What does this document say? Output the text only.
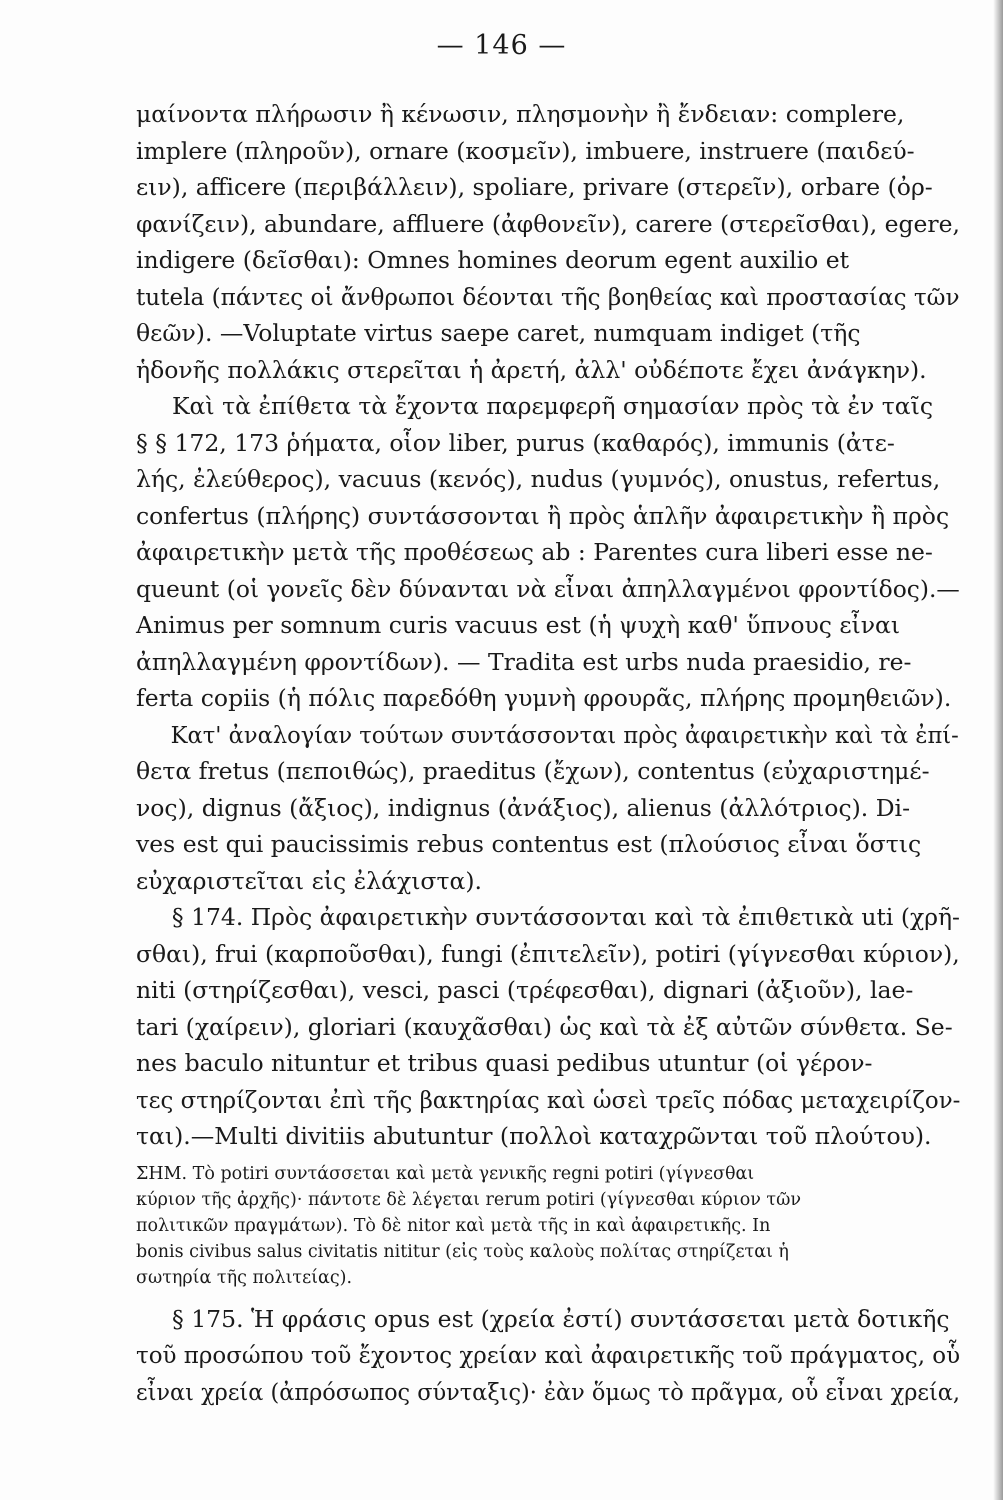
— 146 —
μαίνοντα πλήρωσιν ἢ κένωσιν, πλησμονὴν ἢ ἔνδειαν: complere,
implere (πληροῦν), ornare (κοσμεῖν), imbuere, instruere (παιδεύ-
ειν), afficere (περιβάλλειν), spoliare, privare (στερεῖν), orbare (ὀρ-
φανίζειν), abundare, affluere (ἀφθονεῖν), carere (στερεῖσθαι), egere,
indigere (δεῖσθαι): Omnes homines deorum egent auxilio et
tutela (πάντες οἱ ἄνθρωποι δέονται τῆς βοηθείας καὶ προστασίας τῶν
θεῶν). —Voluptate virtus saepe caret, numquam indiget (τῆς
ἡδονῆς πολλάκις στερεῖται ἡ ἀρετή, ἀλλ' οὐδέποτε ἔχει ἀνάγκην).
Καὶ τὰ ἐπίθετα τὰ ἔχοντα παρεμφερῆ σημασίαν πρὸς τὰ ἐν ταῖς
§ § 172, 173 ῥήματα, οἷον liber, purus (καθαρός), immunis (ἀτε-
λής, ἐλεύθερος), vacuus (κενός), nudus (γυμνός), onustus, refertus,
confertus (πλήρης) συντάσσονται ἢ πρὸς ἁπλῆν ἀφαιρετικὴν ἢ πρὸς
ἀφαιρετικὴν μετὰ τῆς προθέσεως ab : Parentes cura liberi esse ne-
queunt (οἱ γονεῖς δὲν δύνανται νὰ εἶναι ἀπηλλαγμένοι φροντίδος).—
Animus per somnum curis vacuus est (ἡ ψυχὴ καθ' ὕπνους εἶναι
ἀπηλλαγμένη φροντίδων). — Tradita est urbs nuda praesidio, re-
ferta copiis (ἡ πόλις παρεδόθη γυμνὴ φρουρᾶς, πλήρης προμηθειῶν).
Κατ' ἀναλογίαν τούτων συντάσσονται πρὸς ἀφαιρετικὴν καὶ τὰ ἐπί-
θετα fretus (πεποιθώς), praeditus (ἔχων), contentus (εὐχαριστημέ-
νος), dignus (ἄξιος), indignus (ἀνάξιος), alienus (ἀλλότριος). Di-
ves est qui paucissimis rebus contentus est (πλούσιος εἶναι ὅστις
εὐχαριστεῖται εἰς ἐλάχιστα).
§ 174. Πρὸς ἀφαιρετικὴν συντάσσονται καὶ τὰ ἐπιθετικὰ uti (χρῆ-
σθαι), frui (καρποῦσθαι), fungi (ἐπιτελεῖν), potiri (γίγνεσθαι κύριον),
niti (στηρίζεσθαι), vesci, pasci (τρέφεσθαι), dignari (ἀξιοῦν), lae-
tari (χαίρειν), gloriari (καυχᾶσθαι) ὡς καὶ τὰ ἐξ αὐτῶν σύνθετα. Se-
nes baculo nituntur et tribus quasi pedibus utuntur (οἱ γέρον-
τες στηρίζονται ἐπὶ τῆς βακτηρίας καὶ ὡσεὶ τρεῖς πόδας μεταχειρίζον-
ται).—Multi divitiis abutuntur (πολλοὶ καταχρῶνται τοῦ πλούτου).
ΣΗΜ. Τὸ potiri συντάσσεται καὶ μετὰ γενικῆς regni potiri (γίγνεσθαι
κύριον τῆς ἀρχῆς)· πάντοτε δὲ λέγεται rerum potiri (γίγνεσθαι κύριον τῶν
πολιτικῶν πραγμάτων). Τὸ δὲ nitor καὶ μετὰ τῆς in καὶ ἀφαιρετικῆς. In
bonis civibus salus civitatis nititur (εἰς τοὺς καλοὺς πολίτας στηρίζεται ἡ
σωτηρία τῆς πολιτείας).
§ 175. Ἡ φράσις opus est (χρεία ἐστί) συντάσσεται μετὰ δοτικῆς
τοῦ προσώπου τοῦ ἔχοντος χρείαν καὶ ἀφαιρετικῆς τοῦ πράγματος, οὗ
εἶναι χρεία (ἀπρόσωπος σύνταξις)· ἐὰν ὅμως τὸ πρᾶγμα, οὗ εἶναι χρεία,
